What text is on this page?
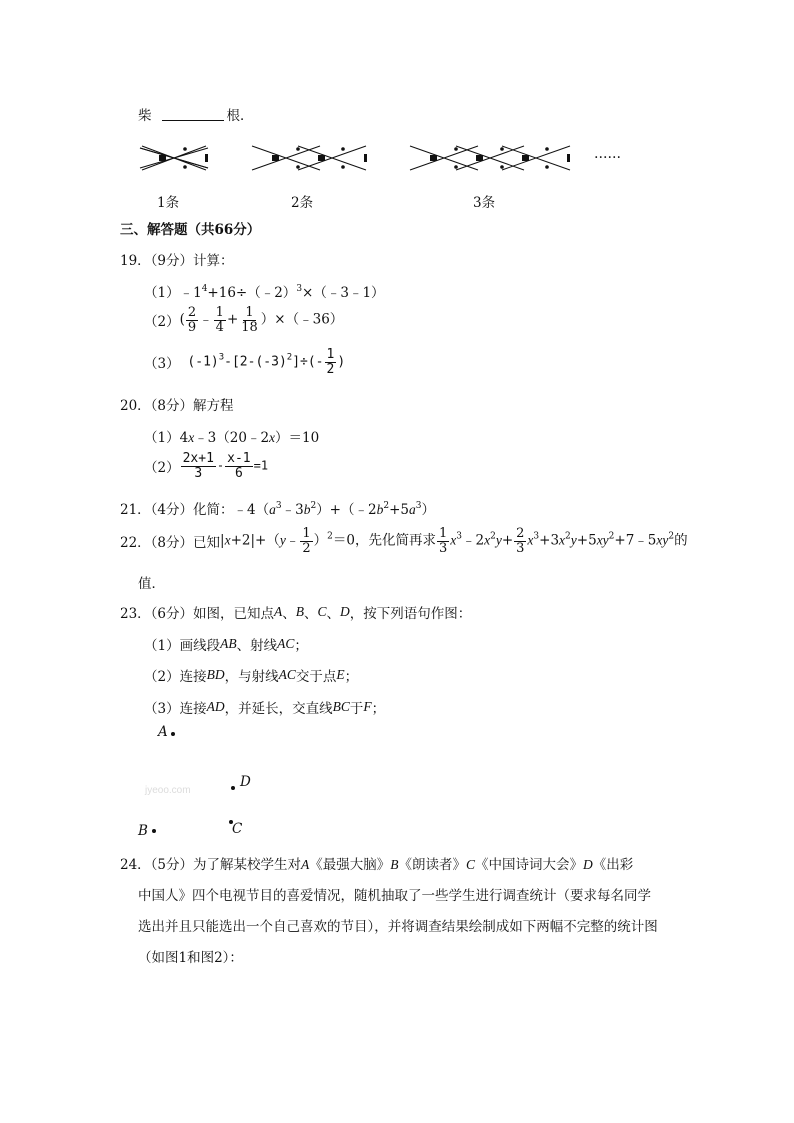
柴	根．
……
1条	2条	3条
三、解答题（共66分）
19．（9分）计算：
（1） $﹣1^4+16\div(﹣2)^3\times(﹣3﹣1)$
（2） ( $\frac{2}{9}$ ﹣ $\frac{1}{4} + \frac{1}{18}$ ）×（﹣36）
（3） $(-1)^3-[2-(-3)^2]\div(- \frac{1}{2}$ )
20．（8分）解方程
（1） 4x﹣3（20﹣2x）＝10
$(2) \frac{2x+1}{3} - \frac{x-1}{6} =1$
21．（4分）化简： $﹣4(a^3﹣3b^2)+(﹣2b^2+5a^3)$
22．（8分）已知 |x+2|+（y﹣ $\frac{1}{2} )^2=0$，先化简再求 $\frac{1}{3}$ $x^3﹣2x^2y+ \frac{2}{3}$ $x^3+3x^2y+5xy^2+7﹣5xy^2$的
值．
23．（6分）如图，已知点 A 、 B 、 C 、 D ，按下列语句作图：
（1）画线段 AB 、射线 AC ；
（2）连接 BD ，与射线 AC 交于点 E ；
（3）连接 AD ，并延长，交直线 BC 于 F ；
A
D
jyeoo.com
B	C
24．（5分）为了解某校学生对A《最强大脑》B《朗读者》C《中国诗词大会》D《出彩
中国人》四个电视节目的喜爱情况，随机抽取了一些学生进行调查统计（要求每名同学
选出并且只能选出一个自己喜欢的节目），并将调查结果绘制成如下两幅不完整的统计图
（如图1和图2）：
